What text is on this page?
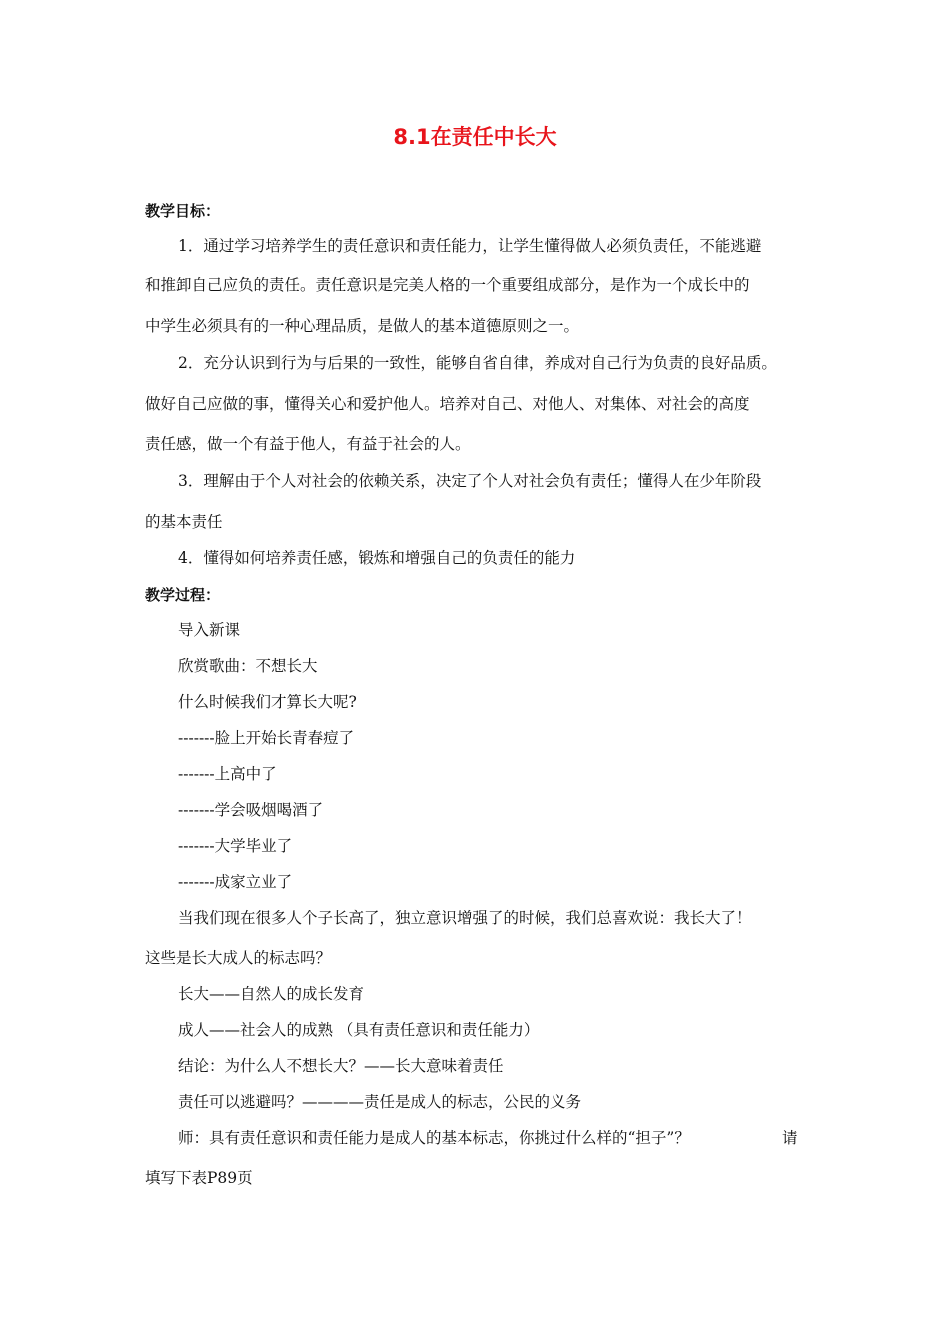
8.1在责任中长大
教学目标：
1．通过学习培养学生的责任意识和责任能力，让学生懂得做人必须负责任，不能逃避
和推卸自己应负的责任。责任意识是完美人格的一个重要组成部分，是作为一个成长中的
中学生必须具有的一种心理品质，是做人的基本道德原则之一。
2．充分认识到行为与后果的一致性，能够自省自律，养成对自己行为负责的良好品质。
做好自己应做的事，懂得关心和爱护他人。培养对自己、对他人、对集体、对社会的高度
责任感，做一个有益于他人，有益于社会的人。
3．理解由于个人对社会的依赖关系，决定了个人对社会负有责任；懂得人在少年阶段
的基本责任
4．懂得如何培养责任感，锻炼和增强自己的负责任的能力
教学过程：
导入新课
欣赏歌曲：不想长大
什么时候我们才算长大呢?
-------脸上开始长青春痘了
-------上高中了
-------学会吸烟喝酒了
-------大学毕业了
-------成家立业了
当我们现在很多人个子长高了，独立意识增强了的时候，我们总喜欢说：我长大了！
这些是长大成人的标志吗？
长大——自然人的成长发育
成人——社会人的成熟 （具有责任意识和责任能力）
结论：为什么人不想长大？——长大意味着责任
责任可以逃避吗？————责任是成人的标志，公民的义务
师：具有责任意识和责任能力是成人的基本标志，你挑过什么样的“担子”？	请
填写下表P89页
